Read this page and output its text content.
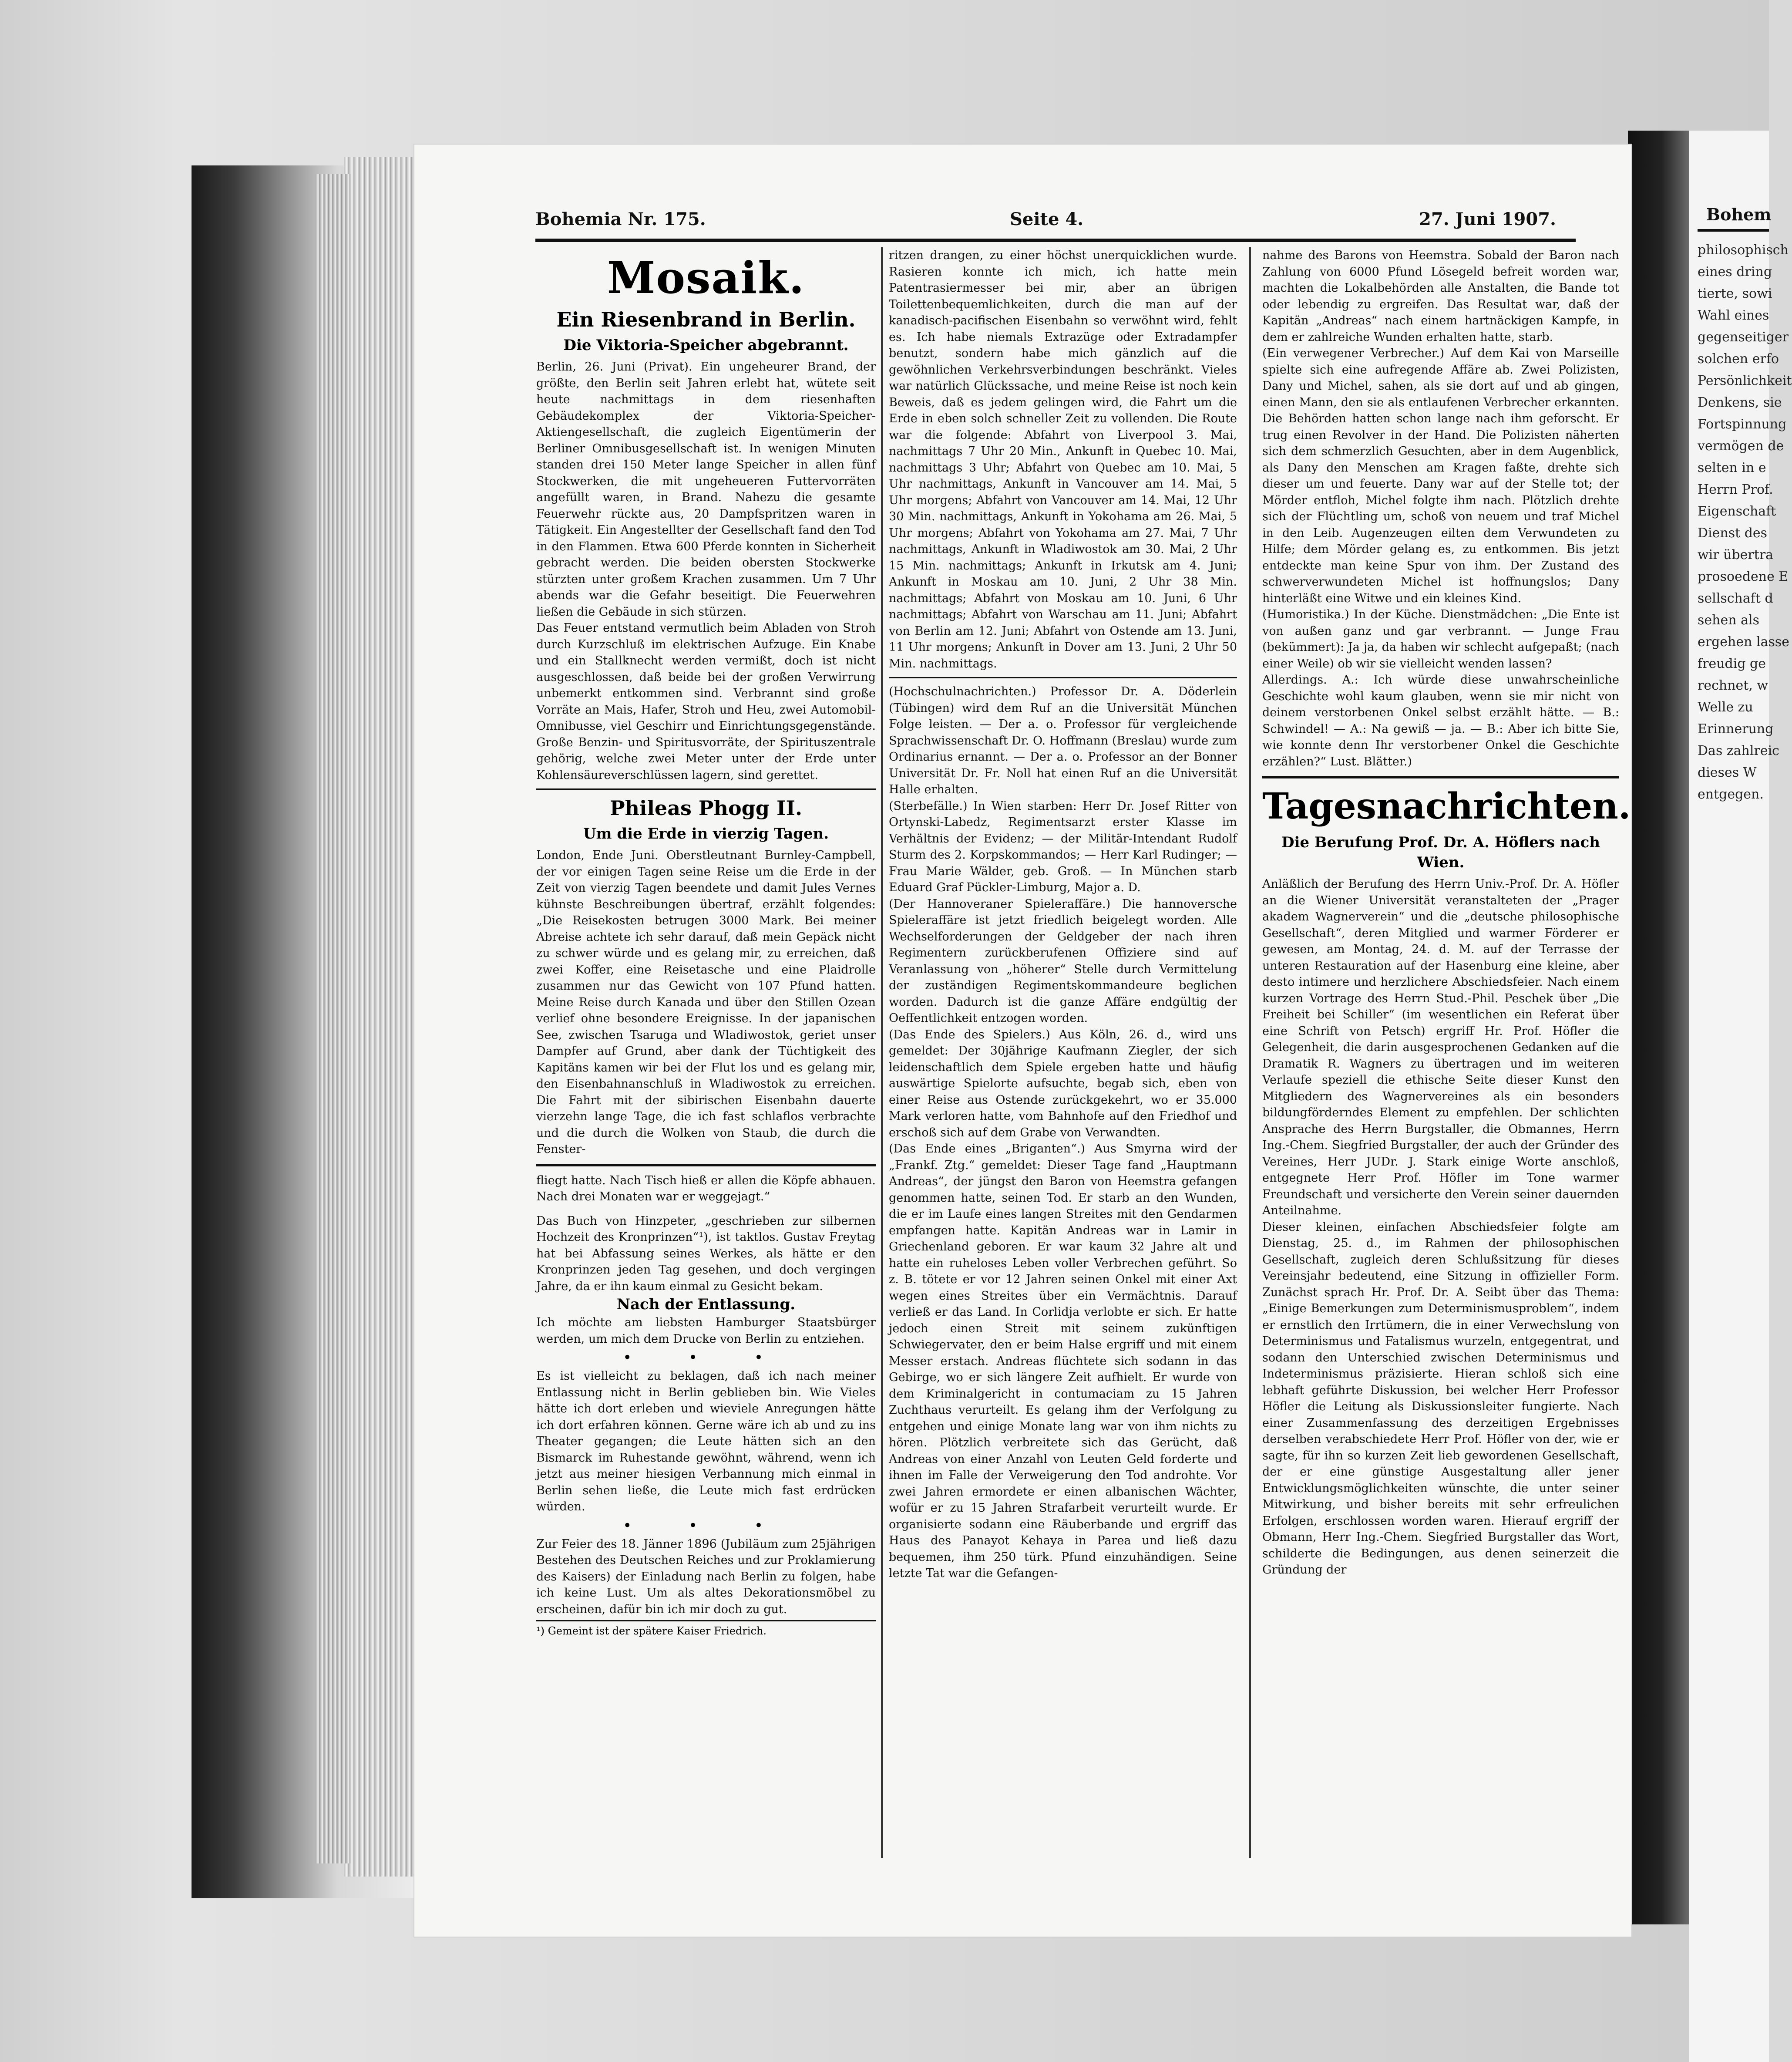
Bohem
philosophisch
eines dring
tierte, sowi
Wahl eines
gegenseitiger
solchen erfo
Persönlichkeit
Denkens, sie
Fortspinnung
vermögen de
selten in e
Herrn Prof.
Eigenschaft
Dienst des
wir übertra
prosoedene E
sellschaft d
sehen als
ergehen lasse
freudig ge
rechnet, w
Welle zu
Erinnerung
Das zahlreic
dieses W
entgegen.
Bohemia Nr. 175.	Seite 4.	27. Juni 1907.
Mosaik.
Ein Riesenbrand in Berlin.
Die Viktoria-Speicher abgebrannt.

Berlin, 26. Juni (Privat). Ein ungeheurer Brand, der größte, den Berlin seit Jahren erlebt hat, wütete seit heute nachmittags in dem riesenhaften Gebäudekomplex der Viktoria-Speicher-Aktiengesellschaft, die zugleich Eigentümerin der Berliner Omnibusgesellschaft ist. In wenigen Minuten standen drei 150 Meter lange Speicher in allen fünf Stockwerken, die mit ungeheueren Futtervorräten angefüllt waren, in Brand. Nahezu die gesamte Feuerwehr rückte aus, 20 Dampfspritzen waren in Tätigkeit. Ein Angestellter der Gesellschaft fand den Tod in den Flammen. Etwa 600 Pferde konnten in Sicherheit gebracht werden. Die beiden obersten Stockwerke stürzten unter großem Krachen zusammen. Um 7 Uhr abends war die Gefahr beseitigt. Die Feuerwehren ließen die Gebäude in sich stürzen.

Das Feuer entstand vermutlich beim Abladen von Stroh durch Kurzschluß im elektrischen Aufzuge. Ein Knabe und ein Stallknecht werden vermißt, doch ist nicht ausgeschlossen, daß beide bei der großen Verwirrung unbemerkt entkommen sind. Verbrannt sind große Vorräte an Mais, Hafer, Stroh und Heu, zwei Automobil-Omnibusse, viel Geschirr und Einrichtungsgegenstände. Große Benzin- und Spiritusvorräte, der Spirituszentrale gehörig, welche zwei Meter unter der Erde unter Kohlensäureverschlüssen lagern, sind gerettet.

Phileas Phogg II.
Um die Erde in vierzig Tagen.

London, Ende Juni. Oberstleutnant Burnley-Campbell, der vor einigen Tagen seine Reise um die Erde in der Zeit von vierzig Tagen beendete und damit Jules Vernes kühnste Beschreibungen übertraf, erzählt folgendes: „Die Reisekosten betrugen 3000 Mark. Bei meiner Abreise achtete ich sehr darauf, daß mein Gepäck nicht zu schwer würde und es gelang mir, zu erreichen, daß zwei Koffer, eine Reisetasche und eine Plaidrolle zusammen nur das Gewicht von 107 Pfund hatten. Meine Reise durch Kanada und über den Stillen Ozean verlief ohne besondere Ereignisse. In der japanischen See, zwischen Tsaruga und Wladiwostok, geriet unser Dampfer auf Grund, aber dank der Tüchtigkeit des Kapitäns kamen wir bei der Flut los und es gelang mir, den Eisenbahnanschluß in Wladiwostok zu erreichen. Die Fahrt mit der sibirischen Eisenbahn dauerte vierzehn lange Tage, die ich fast schlaflos verbrachte und die durch die Wolken von Staub, die durch die Fenster-

fliegt hatte. Nach Tisch hieß er allen die Köpfe abhauen. Nach drei Monaten war er weggejagt.“

Das Buch von Hinzpeter, „geschrieben zur silbernen Hochzeit des Kronprinzen“¹), ist taktlos. Gustav Freytag hat bei Abfassung seines Werkes, als hätte er den Kronprinzen jeden Tag gesehen, und doch vergingen Jahre, da er ihn kaum einmal zu Gesicht bekam.

Nach der Entlassung.

Ich möchte am liebsten Hamburger Staatsbürger werden, um mich dem Drucke von Berlin zu entziehen.

• • •

Es ist vielleicht zu beklagen, daß ich nach meiner Entlassung nicht in Berlin geblieben bin. Wie Vieles hätte ich dort erleben und wieviele Anregungen hätte ich dort erfahren können. Gerne wäre ich ab und zu ins Theater gegangen; die Leute hätten sich an den Bismarck im Ruhestande gewöhnt, während, wenn ich jetzt aus meiner hiesigen Verbannung mich einmal in Berlin sehen ließe, die Leute mich fast erdrücken würden.

• • •

Zur Feier des 18. Jänner 1896 (Jubiläum zum 25jährigen Bestehen des Deutschen Reiches und zur Proklamierung des Kaisers) der Einladung nach Berlin zu folgen, habe ich keine Lust. Um als altes Dekorationsmöbel zu erscheinen, dafür bin ich mir doch zu gut.

¹) Gemeint ist der spätere Kaiser Friedrich.

ritzen drangen, zu einer höchst unerquicklichen wurde. Rasieren konnte ich mich, ich hatte mein Patentrasiermesser bei mir, aber an übrigen Toilettenbequemlichkeiten, durch die man auf der kanadisch-pacifischen Eisenbahn so verwöhnt wird, fehlt es. Ich habe niemals Extrazüge oder Extradampfer benutzt, sondern habe mich gänzlich auf die gewöhnlichen Verkehrsverbindungen beschränkt. Vieles war natürlich Glückssache, und meine Reise ist noch kein Beweis, daß es jedem gelingen wird, die Fahrt um die Erde in eben solch schneller Zeit zu vollenden. Die Route war die folgende: Abfahrt von Liverpool 3. Mai, nachmittags 7 Uhr 20 Min., Ankunft in Quebec 10. Mai, nachmittags 3 Uhr; Abfahrt von Quebec am 10. Mai, 5 Uhr nachmittags, Ankunft in Vancouver am 14. Mai, 5 Uhr morgens; Abfahrt von Vancouver am 14. Mai, 12 Uhr 30 Min. nachmittags, Ankunft in Yokohama am 26. Mai, 5 Uhr morgens; Abfahrt von Yokohama am 27. Mai, 7 Uhr nachmittags, Ankunft in Wladiwostok am 30. Mai, 2 Uhr 15 Min. nachmittags; Ankunft in Irkutsk am 4. Juni; Ankunft in Moskau am 10. Juni, 2 Uhr 38 Min. nachmittags; Abfahrt von Moskau am 10. Juni, 6 Uhr nachmittags; Abfahrt von Warschau am 11. Juni; Abfahrt von Berlin am 12. Juni; Abfahrt von Ostende am 13. Juni, 11 Uhr morgens; Ankunft in Dover am 13. Juni, 2 Uhr 50 Min. nachmittags.

(Hochschulnachrichten.) Professor Dr. A. Döderlein (Tübingen) wird dem Ruf an die Universität München Folge leisten. — Der a. o. Professor für vergleichende Sprachwissenschaft Dr. O. Hoffmann (Breslau) wurde zum Ordinarius ernannt. — Der a. o. Professor an der Bonner Universität Dr. Fr. Noll hat einen Ruf an die Universität Halle erhalten.

(Sterbefälle.) In Wien starben: Herr Dr. Josef Ritter von Ortynski-Labedz, Regimentsarzt erster Klasse im Verhältnis der Evidenz; — der Militär-Intendant Rudolf Sturm des 2. Korpskommandos; — Herr Karl Rudinger; — Frau Marie Wälder, geb. Groß. — In München starb Eduard Graf Pückler-Limburg, Major a. D.

(Der Hannoveraner Spieleraffäre.) Die hannoversche Spieleraffäre ist jetzt friedlich beigelegt worden. Alle Wechselforderungen der Geldgeber der nach ihren Regimentern zurückberufenen Offiziere sind auf Veranlassung von „höherer“ Stelle durch Vermittelung der zuständigen Regimentskommandeure beglichen worden. Dadurch ist die ganze Affäre endgültig der Oeffentlichkeit entzogen worden.

(Das Ende des Spielers.) Aus Köln, 26. d., wird uns gemeldet: Der 30jährige Kaufmann Ziegler, der sich leidenschaftlich dem Spiele ergeben hatte und häufig auswärtige Spielorte aufsuchte, begab sich, eben von einer Reise aus Ostende zurückgekehrt, wo er 35.000 Mark verloren hatte, vom Bahnhofe auf den Friedhof und erschoß sich auf dem Grabe von Verwandten.

(Das Ende eines „Briganten“.) Aus Smyrna wird der „Frankf. Ztg.“ gemeldet: Dieser Tage fand „Hauptmann Andreas“, der jüngst den Baron von Heemstra gefangen genommen hatte, seinen Tod. Er starb an den Wunden, die er im Laufe eines langen Streites mit den Gendarmen empfangen hatte. Kapitän Andreas war in Lamir in Griechenland geboren. Er war kaum 32 Jahre alt und hatte ein ruheloses Leben voller Verbrechen geführt. So z. B. tötete er vor 12 Jahren seinen Onkel mit einer Axt wegen eines Streites über ein Vermächtnis. Darauf verließ er das Land. In Corlidja verlobte er sich. Er hatte jedoch einen Streit mit seinem zukünftigen Schwiegervater, den er beim Halse ergriff und mit einem Messer erstach. Andreas flüchtete sich sodann in das Gebirge, wo er sich längere Zeit aufhielt. Er wurde von dem Kriminalgericht in contumaciam zu 15 Jahren Zuchthaus verurteilt. Es gelang ihm der Verfolgung zu entgehen und einige Monate lang war von ihm nichts zu hören. Plötzlich verbreitete sich das Gerücht, daß Andreas von einer Anzahl von Leuten Geld forderte und ihnen im Falle der Verweigerung den Tod androhte. Vor zwei Jahren ermordete er einen albanischen Wächter, wofür er zu 15 Jahren Strafarbeit verurteilt wurde. Er organisierte sodann eine Räuberbande und ergriff das Haus des Panayot Kehaya in Parea und ließ dazu bequemen, ihm 250 türk. Pfund einzuhändigen. Seine letzte Tat war die Gefangen-

nahme des Barons von Heemstra. Sobald der Baron nach Zahlung von 6000 Pfund Lösegeld befreit worden war, machten die Lokalbehörden alle Anstalten, die Bande tot oder lebendig zu ergreifen. Das Resultat war, daß der Kapitän „Andreas“ nach einem hartnäckigen Kampfe, in dem er zahlreiche Wunden erhalten hatte, starb.

(Ein verwegener Verbrecher.) Auf dem Kai von Marseille spielte sich eine aufregende Affäre ab. Zwei Polizisten, Dany und Michel, sahen, als sie dort auf und ab gingen, einen Mann, den sie als entlaufenen Verbrecher erkannten. Die Behörden hatten schon lange nach ihm geforscht. Er trug einen Revolver in der Hand. Die Polizisten näherten sich dem schmerzlich Gesuchten, aber in dem Augenblick, als Dany den Menschen am Kragen faßte, drehte sich dieser um und feuerte. Dany war auf der Stelle tot; der Mörder entfloh, Michel folgte ihm nach. Plötzlich drehte sich der Flüchtling um, schoß von neuem und traf Michel in den Leib. Augenzeugen eilten dem Verwundeten zu Hilfe; dem Mörder gelang es, zu entkommen. Bis jetzt entdeckte man keine Spur von ihm. Der Zustand des schwerverwundeten Michel ist hoffnungslos; Dany hinterläßt eine Witwe und ein kleines Kind.

(Humoristika.) In der Küche. Dienstmädchen: „Die Ente ist von außen ganz und gar verbrannt. — Junge Frau (bekümmert): Ja ja, da haben wir schlecht aufgepaßt; (nach einer Weile) ob wir sie vielleicht wenden lassen?

Allerdings. A.: Ich würde diese unwahrscheinliche Geschichte wohl kaum glauben, wenn sie mir nicht von deinem verstorbenen Onkel selbst erzählt hätte. — B.: Schwindel! — A.: Na gewiß — ja. — B.: Aber ich bitte Sie, wie konnte denn Ihr verstorbener Onkel die Geschichte erzählen?“ Lust. Blätter.)

Tagesnachrichten.
Die Berufung Prof. Dr. A. Höflers nach Wien.

Anläßlich der Berufung des Herrn Univ.-Prof. Dr. A. Höfler an die Wiener Universität veranstalteten der „Prager akadem Wagnerverein“ und die „deutsche philosophische Gesellschaft“, deren Mitglied und warmer Förderer er gewesen, am Montag, 24. d. M. auf der Terrasse der unteren Restauration auf der Hasenburg eine kleine, aber desto intimere und herzlichere Abschiedsfeier. Nach einem kurzen Vortrage des Herrn Stud.-Phil. Peschek über „Die Freiheit bei Schiller“ (im wesentlichen ein Referat über eine Schrift von Petsch) ergriff Hr. Prof. Höfler die Gelegenheit, die darin ausgesprochenen Gedanken auf die Dramatik R. Wagners zu übertragen und im weiteren Verlaufe speziell die ethische Seite dieser Kunst den Mitgliedern des Wagnervereines als ein besonders bildungförderndes Element zu empfehlen. Der schlichten Ansprache des Herrn Burgstaller, die Obmannes, Herrn Ing.-Chem. Siegfried Burgstaller, der auch der Gründer des Vereines, Herr JUDr. J. Stark einige Worte anschloß, entgegnete Herr Prof. Höfler im Tone warmer Freundschaft und versicherte den Verein seiner dauernden Anteilnahme.

Dieser kleinen, einfachen Abschiedsfeier folgte am Dienstag, 25. d., im Rahmen der philosophischen Gesellschaft, zugleich deren Schlußsitzung für dieses Vereinsjahr bedeutend, eine Sitzung in offizieller Form. Zunächst sprach Hr. Prof. Dr. A. Seibt über das Thema: „Einige Bemerkungen zum Determinismusproblem“, indem er ernstlich den Irrtümern, die in einer Verwechslung von Determinismus und Fatalismus wurzeln, entgegentrat, und sodann den Unterschied zwischen Determinismus und Indeterminismus präzisierte. Hieran schloß sich eine lebhaft geführte Diskussion, bei welcher Herr Professor Höfler die Leitung als Diskussionsleiter fungierte. Nach einer Zusammenfassung des derzeitigen Ergebnisses derselben verabschiedete Herr Prof. Höfler von der, wie er sagte, für ihn so kurzen Zeit lieb gewordenen Gesellschaft, der er eine günstige Ausgestaltung aller jener Entwicklungsmöglichkeiten wünschte, die unter seiner Mitwirkung, und bisher bereits mit sehr erfreulichen Erfolgen, erschlossen worden waren. Hierauf ergriff der Obmann, Herr Ing.-Chem. Siegfried Burgstaller das Wort, schilderte die Bedingungen, aus denen seinerzeit die Gründung der
